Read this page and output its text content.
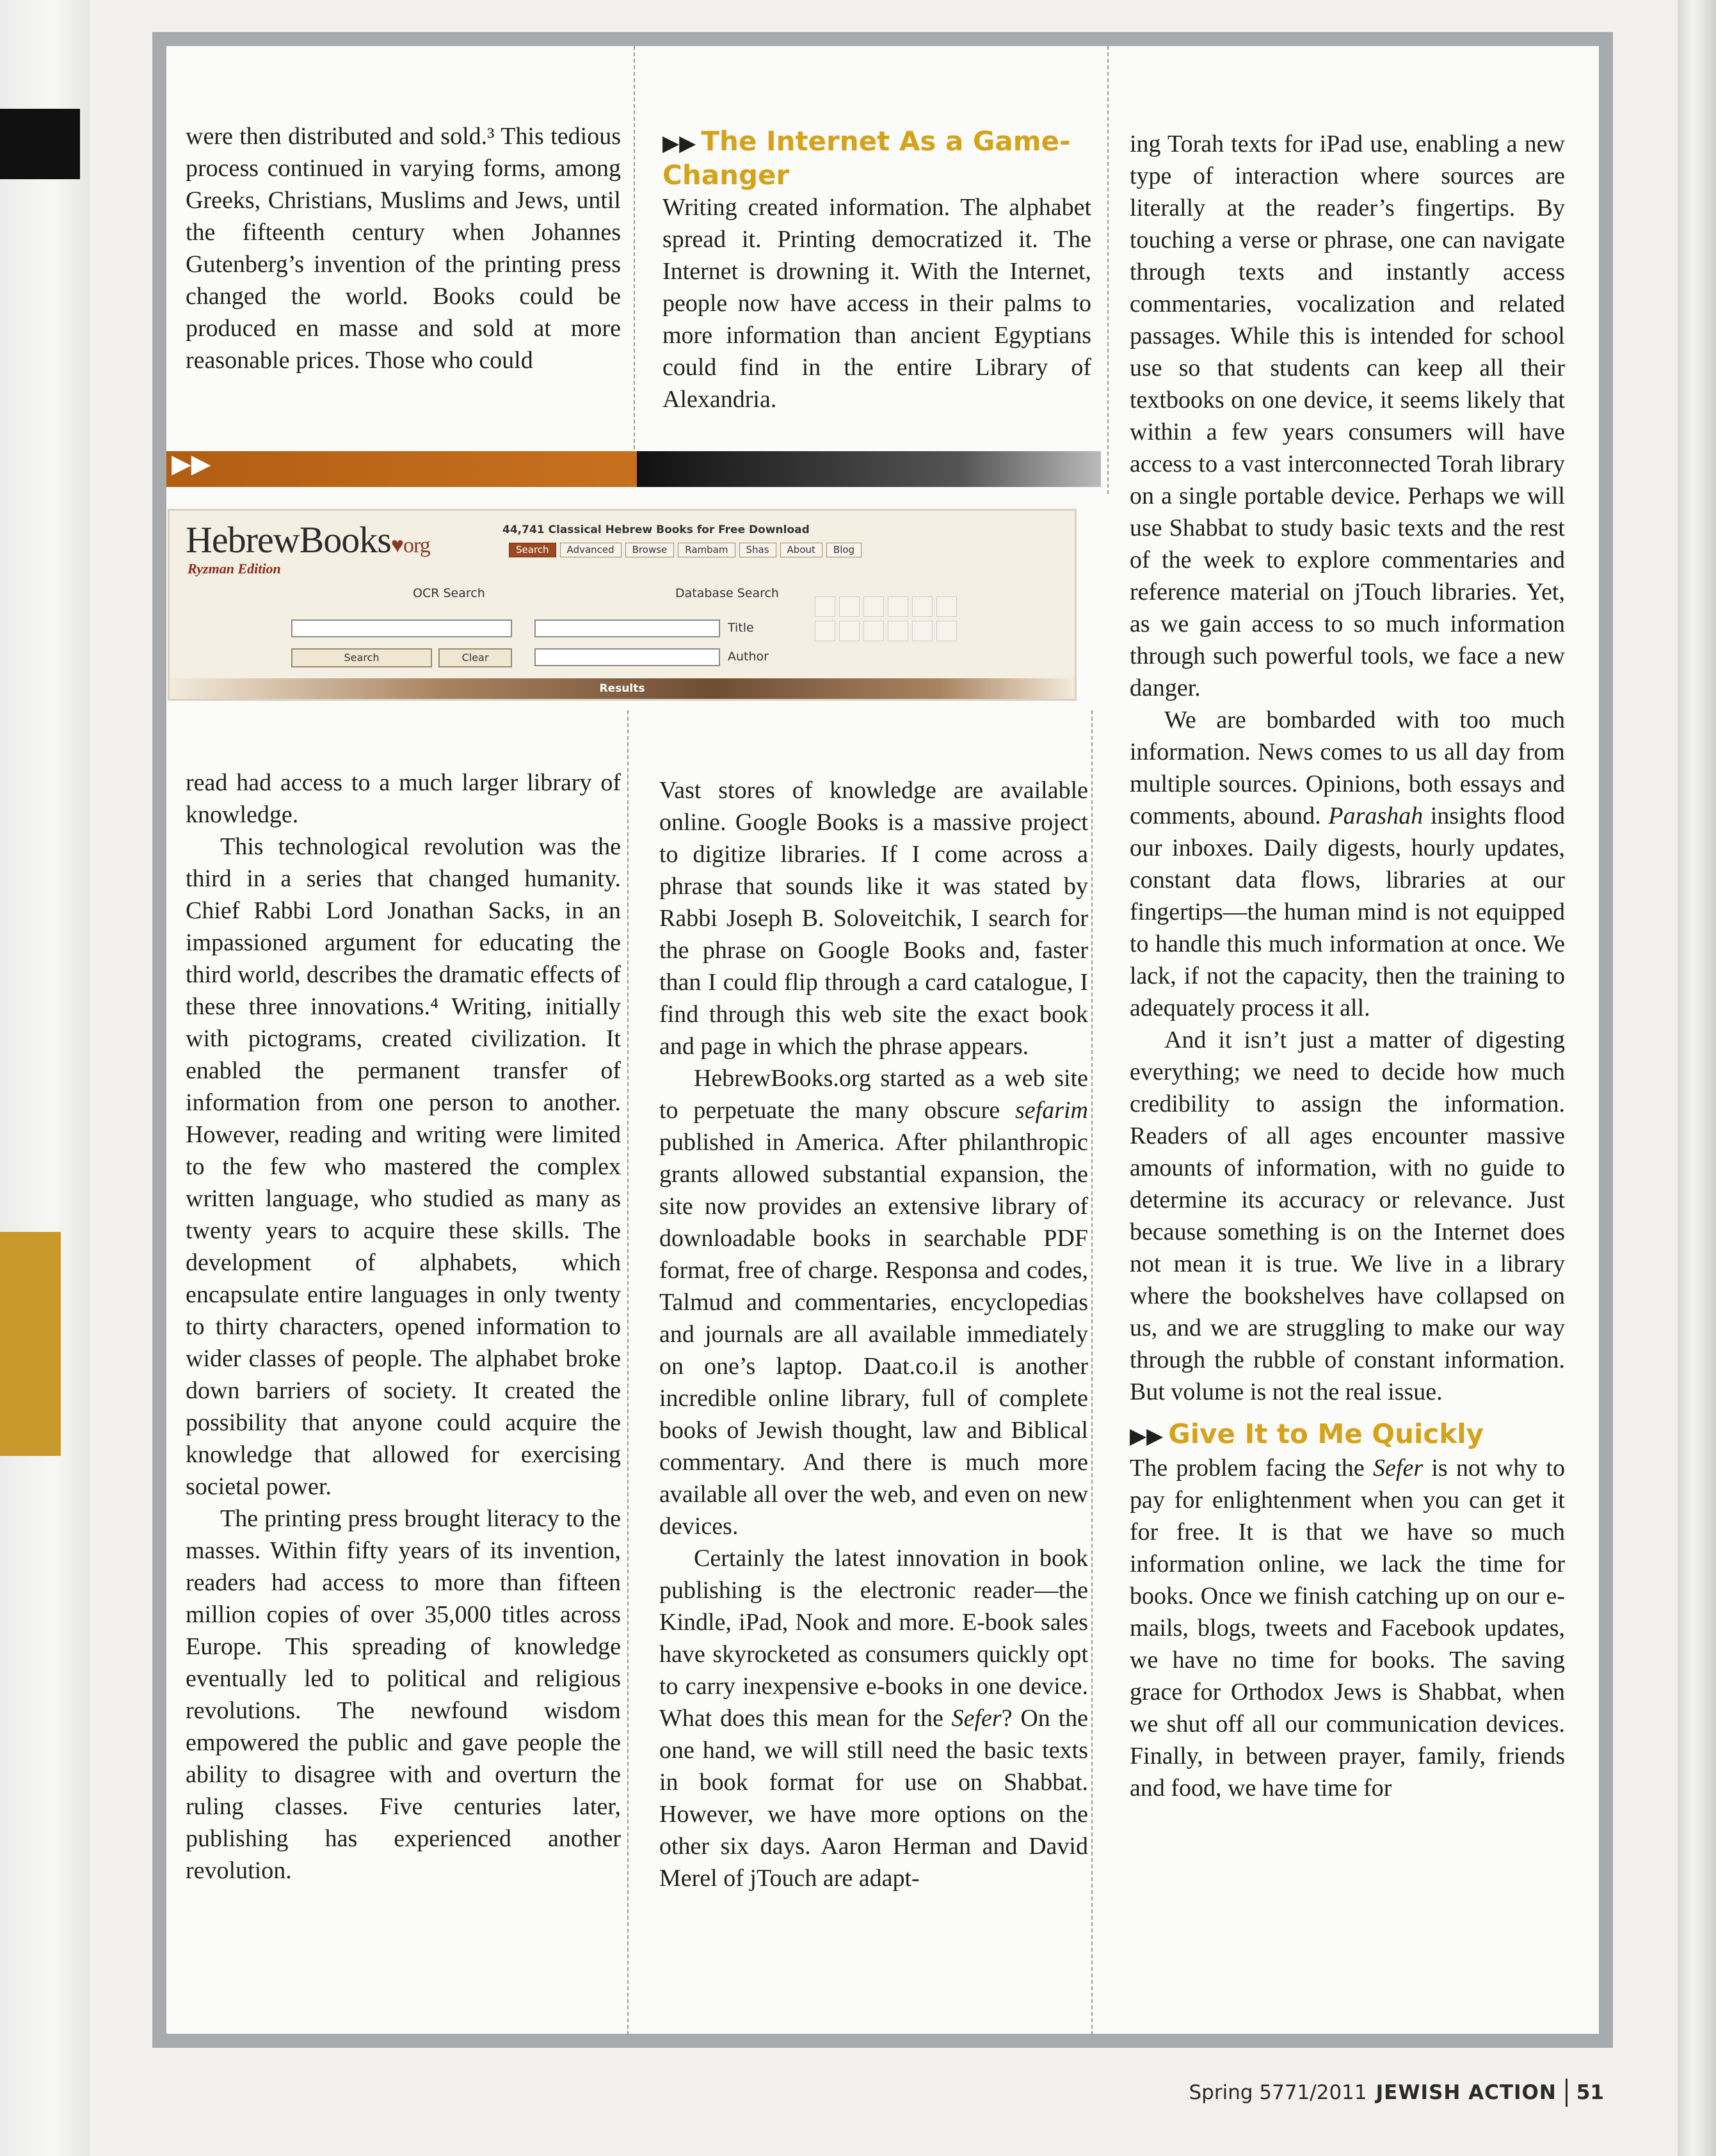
were then distributed and sold.³ This tedious process continued in varying forms, among Greeks, Christians, Muslims and Jews, until the fifteenth century when Johannes Gutenberg’s invention of the printing press changed the world. Books could be produced en masse and sold at more reasonable prices. Those who could

▶▶ The Internet As a Game-Changer

Writing created information. The alphabet spread it. Printing democratized it. The Internet is drowning it. With the Internet, people now have access in their palms to more information than ancient Egyptians could find in the entire Library of Alexandria.

▶▶
HebrewBooks♥org
Ryzman Edition
44,741 Classical Hebrew Books for Free Download
Search	Advanced	Browse	Rambam	Shas	About	Blog
OCR Search	Database Search
Title
Author
Search	Clear
Results

read had access to a much larger library of knowledge.

This technological revolution was the third in a series that changed humanity. Chief Rabbi Lord Jonathan Sacks, in an impassioned argument for educating the third world, describes the dramatic effects of these three innovations.⁴ Writing, initially with pictograms, created civilization. It enabled the permanent transfer of information from one person to another. However, reading and writing were limited to the few who mastered the complex written language, who studied as many as twenty years to acquire these skills. The development of alphabets, which encapsulate entire languages in only twenty to thirty characters, opened information to wider classes of people. The alphabet broke down barriers of society. It created the possibility that anyone could acquire the knowledge that allowed for exercising societal power.

The printing press brought literacy to the masses. Within fifty years of its invention, readers had access to more than fifteen million copies of over 35,000 titles across Europe. This spreading of knowledge eventually led to political and religious revolutions. The newfound wisdom empowered the public and gave people the ability to disagree with and overturn the ruling classes. Five centuries later, publishing has experienced another revolution.

Vast stores of knowledge are available online. Google Books is a massive project to digitize libraries. If I come across a phrase that sounds like it was stated by Rabbi Joseph B. Soloveitchik, I search for the phrase on Google Books and, faster than I could flip through a card catalogue, I find through this web site the exact book and page in which the phrase appears.

HebrewBooks.org started as a web site to perpetuate the many obscure sefarim published in America. After philanthropic grants allowed substantial expansion, the site now provides an extensive library of downloadable books in searchable PDF format, free of charge. Responsa and codes, Talmud and commentaries, encyclopedias and journals are all available immediately on one’s laptop. Daat.co.il is another incredible online library, full of complete books of Jewish thought, law and Biblical commentary. And there is much more available all over the web, and even on new devices.

Certainly the latest innovation in book publishing is the electronic reader—the Kindle, iPad, Nook and more. E-book sales have skyrocketed as consumers quickly opt to carry inexpensive e-books in one device. What does this mean for the Sefer? On the one hand, we will still need the basic texts in book format for use on Shabbat. However, we have more options on the other six days. Aaron Herman and David Merel of jTouch are adapt-

ing Torah texts for iPad use, enabling a new type of interaction where sources are literally at the reader’s fingertips. By touching a verse or phrase, one can navigate through texts and instantly access commentaries, vocalization and related passages. While this is intended for school use so that students can keep all their textbooks on one device, it seems likely that within a few years consumers will have access to a vast interconnected Torah library on a single portable device. Perhaps we will use Shabbat to study basic texts and the rest of the week to explore commentaries and reference material on jTouch libraries. Yet, as we gain access to so much information through such powerful tools, we face a new danger.

We are bombarded with too much information. News comes to us all day from multiple sources. Opinions, both essays and comments, abound. Parashah insights flood our inboxes. Daily digests, hourly updates, constant data flows, libraries at our fingertips—the human mind is not equipped to handle this much information at once. We lack, if not the capacity, then the training to adequately process it all.

And it isn’t just a matter of digesting everything; we need to decide how much credibility to assign the information. Readers of all ages encounter massive amounts of information, with no guide to determine its accuracy or relevance. Just because something is on the Internet does not mean it is true. We live in a library where the bookshelves have collapsed on us, and we are struggling to make our way through the rubble of constant information. But volume is not the real issue.

▶▶ Give It to Me Quickly

The problem facing the Sefer is not why to pay for enlightenment when you can get it for free. It is that we have so much information online, we lack the time for books. Once we finish catching up on our e-mails, blogs, tweets and Facebook updates, we have no time for books. The saving grace for Orthodox Jews is Shabbat, when we shut off all our communication devices. Finally, in between prayer, family, friends and food, we have time for

Spring 5771/2011 JEWISH ACTION 51
